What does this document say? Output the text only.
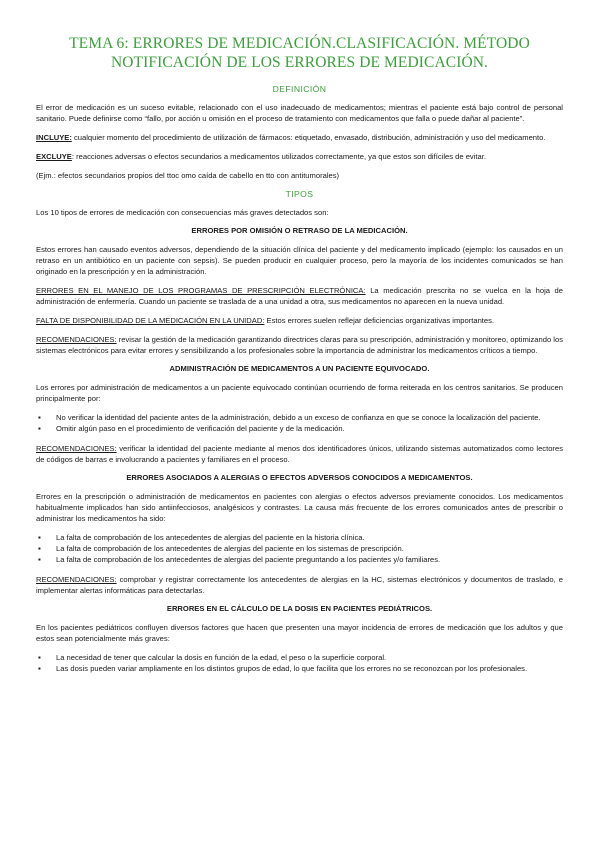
TEMA 6: ERRORES DE MEDICACIÓN.CLASIFICACIÓN. MÉTODO NOTIFICACIÓN DE LOS ERRORES DE MEDICACIÓN.
DEFINICIÓN

El error de medicación es un suceso evitable, relacionado con el uso inadecuado de medicamentos; mientras el paciente está bajo control de personal sanitario. Puede definirse como “fallo, por acción u omisión en el proceso de tratamiento con medicamentos que falla o puede dañar al paciente”.

INCLUYE: cualquier momento del procedimiento de utilización de fármacos: etiquetado, envasado, distribución, administración y uso del medicamento.

EXCLUYE: reacciones adversas o efectos secundarios a medicamentos utilizados correctamente, ya que estos son difíciles de evitar.

(Ejm.: efectos secundarios propios del ttoc omo caída de cabello en tto con antitumorales)

TIPOS

Los 10 tipos de errores de medicación con consecuencias más graves detectados son:

ERRORES POR OMISIÓN O RETRASO DE LA MEDICACIÓN.

Estos errores han causado eventos adversos, dependiendo de la situación clínica del paciente y del medicamento implicado (ejemplo: los causados en un retraso en un antibiótico en un paciente con sepsis). Se pueden producir en cualquier proceso, pero la mayoría de los incidentes comunicados se han originado en la prescripción y en la administración.

ERRORES EN EL MANEJO DE LOS PROGRAMAS DE PRESCRIPCIÓN ELECTRÓNICA: La medicación prescrita no se vuelca en la hoja de administración de enfermería. Cuando un paciente se traslada de a una unidad a otra, sus medicamentos no aparecen en la nueva unidad.

FALTA DE DISPONIBILIDAD DE LA MEDICACIÓN EN LA UNIDAD: Estos errores suelen reflejar deficiencias organizativas importantes.

RECOMENDACIONES: revisar la gestión de la medicación garantizando directrices claras para su prescripción, administración y monitoreo, optimizando los sistemas electrónicos para evitar errores y sensibilizando a los profesionales sobre la importancia de administrar los medicamentos críticos a tiempo.

ADMINISTRACIÓN DE MEDICAMENTOS A UN PACIENTE EQUIVOCADO.

Los errores por administración de medicamentos a un paciente equivocado continúan ocurriendo de forma reiterada en los centros sanitarios. Se producen principalmente por:

▪ No verificar la identidad del paciente antes de la administración, debido a un exceso de confianza en que se conoce la localización del paciente.
▪ Omitir algún paso en el procedimiento de verificación del paciente y de la medicación.

RECOMENDACIONES: verificar la identidad del paciente mediante al menos dos identificadores únicos, utilizando sistemas automatizados como lectores de códigos de barras e involucrando a pacientes y familiares en el proceso.

ERRORES ASOCIADOS A ALERGIAS O EFECTOS ADVERSOS CONOCIDOS A MEDICAMENTOS.

Errores en la prescripción o administración de medicamentos en pacientes con alergias o efectos adversos previamente conocidos. Los medicamentos habitualmente implicados han sido antiinfecciosos, analgésicos y contrastes. La causa más frecuente de los errores comunicados antes de prescribir o administrar los medicamentos ha sido:

▪ La falta de comprobación de los antecedentes de alergias del paciente en la historia clínica.
▪ La falta de comprobación de los antecedentes de alergias del paciente en los sistemas de prescripción.
▪ La falta de comprobación de los antecedentes de alergias del paciente preguntando a los pacientes y/o familiares.

RECOMENDACIONES: comprobar y registrar correctamente los antecedentes de alergias en la HC, sistemas electrónicos y documentos de traslado, e implementar alertas informáticas para detectarlas.

ERRORES EN EL CÁLCULO DE LA DOSIS EN PACIENTES PEDIÁTRICOS.

En los pacientes pediátricos confluyen diversos factores que hacen que presenten una mayor incidencia de errores de medicación que los adultos y que estos sean potencialmente más graves:

▪ La necesidad de tener que calcular la dosis en función de la edad, el peso o la superficie corporal.
▪ Las dosis pueden variar ampliamente en los distintos grupos de edad, lo que facilita que los errores no se reconozcan por los profesionales.
